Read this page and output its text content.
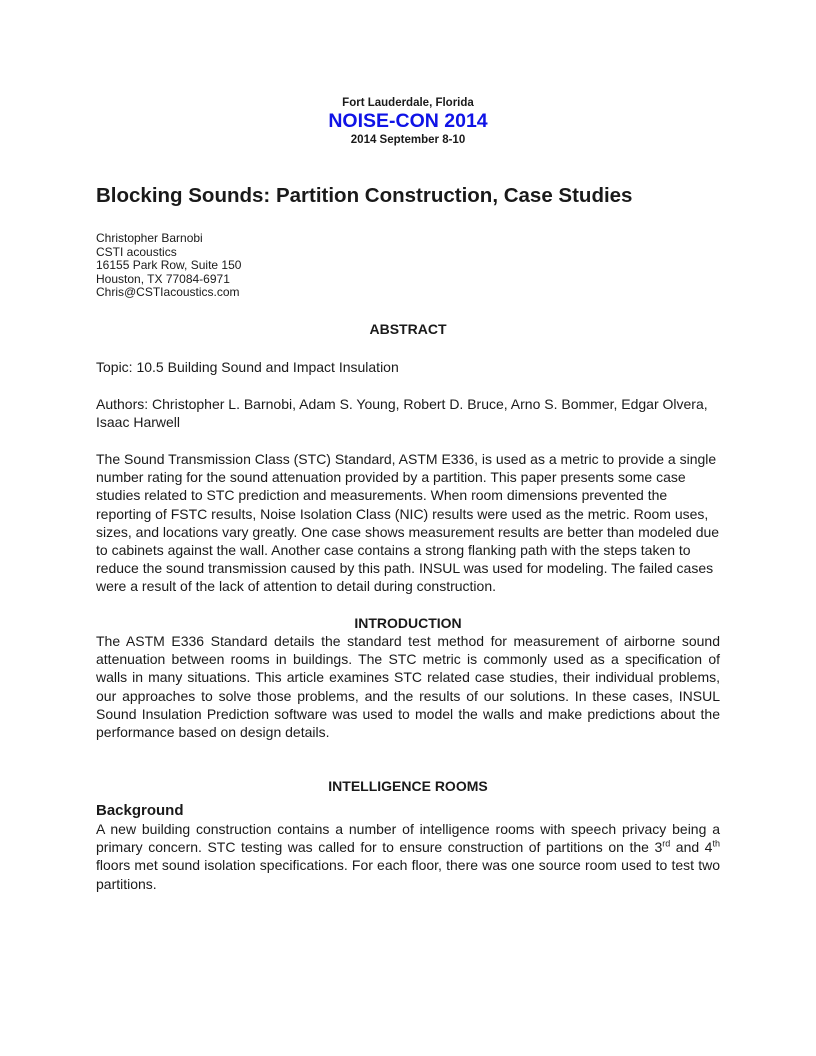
Fort Lauderdale, Florida
NOISE-CON 2014
2014 September 8-10
Blocking Sounds: Partition Construction, Case Studies
Christopher Barnobi
CSTI acoustics
16155 Park Row, Suite 150
Houston, TX 77084-6971
Chris@CSTIacoustics.com
ABSTRACT

Topic: 10.5 Building Sound and Impact Insulation

Authors: Christopher L. Barnobi, Adam S. Young, Robert D. Bruce, Arno S. Bommer, Edgar Olvera, Isaac Harwell

The Sound Transmission Class (STC) Standard, ASTM E336, is used as a metric to provide a single number rating for the sound attenuation provided by a partition. This paper presents some case studies related to STC prediction and measurements. When room dimensions prevented the reporting of FSTC results, Noise Isolation Class (NIC) results were used as the metric. Room uses, sizes, and locations vary greatly. One case shows measurement results are better than modeled due to cabinets against the wall. Another case contains a strong flanking path with the steps taken to reduce the sound transmission caused by this path. INSUL was used for modeling. The failed cases were a result of the lack of attention to detail during construction.

INTRODUCTION

The ASTM E336 Standard details the standard test method for measurement of airborne sound attenuation between rooms in buildings. The STC metric is commonly used as a specification of walls in many situations. This article examines STC related case studies, their individual problems, our approaches to solve those problems, and the results of our solutions. In these cases, INSUL Sound Insulation Prediction software was used to model the walls and make predictions about the performance based on design details.

INTELLIGENCE ROOMS
Background

A new building construction contains a number of intelligence rooms with speech privacy being a primary concern. STC testing was called for to ensure construction of partitions on the 3rd and 4th floors met sound isolation specifications. For each floor, there was one source room used to test two partitions.
